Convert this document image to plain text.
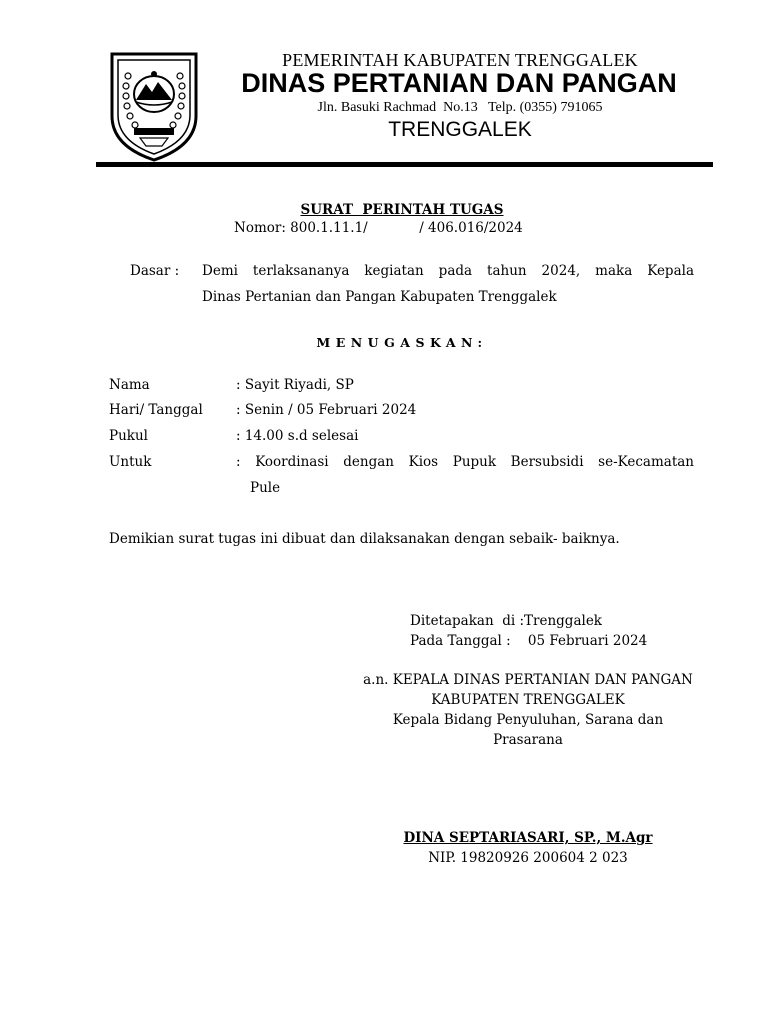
PEMERINTAH KABUPATEN TRENGGALEK
DINAS PERTANIAN DAN PANGAN
Jln. Basuki Rachmad  No.13   Telp. (0355) 791065
TRENGGALEK
SURAT  PERINTAH TUGAS
Nomor: 800.1.11.1/            / 406.016/2024
Dasar : Demi terlaksananya kegiatan pada tahun 2024, maka Kepala
Dinas Pertanian dan Pangan Kabupaten Trenggalek
MENUGASKAN:
Nama	: Sayit Riyadi, SP
Hari/ Tanggal : Senin / 05 Februari 2024
Pukul	: 14.00 s.d selesai
Untuk	: Koordinasi dengan Kios Pupuk Bersubsidi se-Kecamatan
Pule
Demikian surat tugas ini dibuat dan dilaksanakan dengan sebaik- baiknya.
Ditetapakan  di :Trenggalek
Pada Tanggal :    05 Februari 2024
a.n. KEPALA DINAS PERTANIAN DAN PANGAN
KABUPATEN TRENGGALEK
Kepala Bidang Penyuluhan, Sarana dan
Prasarana
DINA SEPTARIASARI, SP., M.Agr
NIP. 19820926 200604 2 023
